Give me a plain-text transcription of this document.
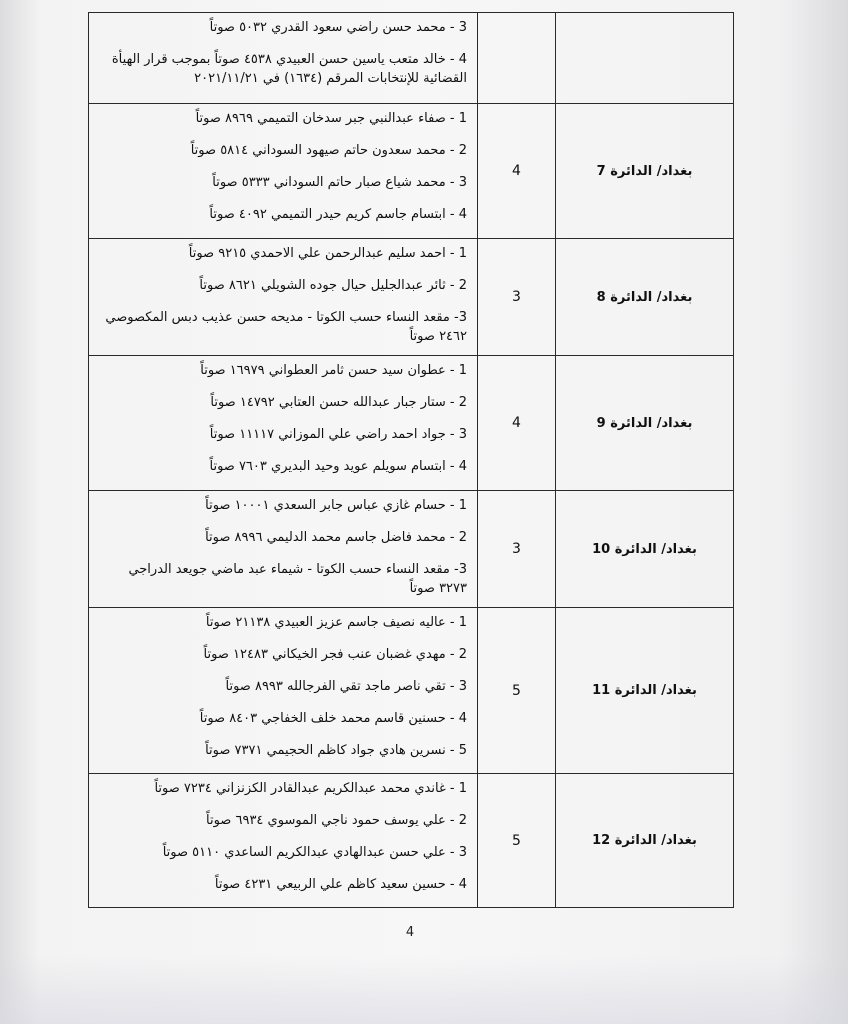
		3 - محمد حسن راضي سعود القدري ٥٠٣٢ صوتاً
4 - خالد متعب ياسين حسن العبيدي ٤٥٣٨ صوتاً بموجب قرار الهيأة القضائية للإنتخابات المرقم (١٦٣٤) في ٢٠٢١/١١/٢١

بغداد/ الدائرة 7	4	1 - صفاء عبدالنبي جبر سدخان التميمي ٨٩٦٩ صوتاً
2 - محمد سعدون حاتم صيهود السوداني ٥٨١٤ صوتاً
3 - محمد شياع صبار حاتم السوداني ٥٣٣٣ صوتاً
4 - ابتسام جاسم كريم حيدر التميمي ٤٠٩٢ صوتاً

بغداد/ الدائرة 8	3	1 - احمد سليم عبدالرحمن علي الاحمدي ٩٢١٥ صوتاً
2 - ثائر عبدالجليل حيال جوده الشويلي ٨٦٢١ صوتاً
3- مقعد النساء حسب الكوتا - مديحه حسن عذيب دبس المكصوصي ٢٤٦٢ صوتاً

بغداد/ الدائرة 9	4	1 - عطوان سيد حسن ثامر العطواني ١٦٩٧٩ صوتاً
2 - ستار جبار عبدالله حسن العتابي ١٤٧٩٢ صوتاً
3 - جواد احمد راضي علي الموزاني ١١١١٧ صوتاً
4 - ابتسام سويلم عويد وحيد البديري ٧٦٠٣ صوتاً

بغداد/ الدائرة 10	3	1 - حسام غازي عباس جابر السعدي ١٠٠٠١ صوتاً
2 - محمد فاضل جاسم محمد الدليمي ٨٩٩٦ صوتاً
3- مقعد النساء حسب الكوتا - شيماء عبد ماضي جويعد الدراجي ٣٢٧٣ صوتاً

بغداد/ الدائرة 11	5	1 - عاليه نصيف جاسم عزيز العبيدي ٢١١٣٨ صوتاً
2 - مهدي غضبان عنب فجر الخيكاني ١٢٤٨٣ صوتاً
3 - تقي ناصر ماجد تقي الفرجالله ٨٩٩٣ صوتاً
4 - حسنين قاسم محمد خلف الخفاجي ٨٤٠٣ صوتاً
5 - نسرين هادي جواد كاظم الحجيمي ٧٣٧١ صوتاً

بغداد/ الدائرة 12	5	1 - غاندي محمد عبدالكريم عبدالقادر الكزنزاني ٧٢٣٤ صوتاً
2 - علي يوسف حمود ناجي الموسوي ٦٩٣٤ صوتاً
3 - علي حسن عبدالهادي عبدالكريم الساعدي ٥١١٠ صوتاً
4 - حسين سعيد كاظم علي الربيعي ٤٢٣١ صوتاً
4
